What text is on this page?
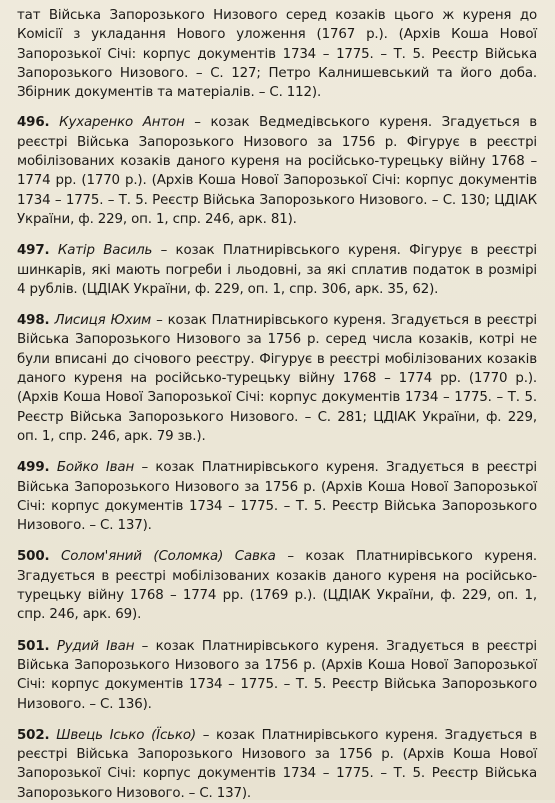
тат Війська Запорозького Низового серед козаків цього ж куреня до Комісії з укладання Нового уложення (1767 р.). (Архів Коша Нової Запорозької Січі: корпус документів 1734 – 1775. – Т. 5. Реєстр Війська Запорозького Низового. – С. 127; Петро Калнишевський та його доба. Збірник документів та матеріалів. – С. 112).

496. Кухаренко Антон – козак Ведмедівського куреня. Згадується в реєстрі Війська Запорозького Низового за 1756 р. Фігурує в реєстрі мобілізованих козаків даного куреня на російсько-турецьку війну 1768 – 1774 рр. (1770 р.). (Архів Коша Нової Запорозької Січі: корпус документів 1734 – 1775. – Т. 5. Реєстр Війська Запорозького Низового. – С. 130; ЦДІАК України, ф. 229, оп. 1, спр. 246, арк. 81).

497. Катір Василь – козак Платнирівського куреня. Фігурує в реєстрі шинкарів, які мають погреби і льодовні, за які сплатив податок в розмірі 4 рублів. (ЦДІАК України, ф. 229, оп. 1, спр. 306, арк. 35, 62).

498. Лисиця Юхим – козак Платнирівського куреня. Згадується в реєстрі Війська Запорозького Низового за 1756 р. серед числа козаків, котрі не були вписані до січового реєстру. Фігурує в реєстрі мобілізованих козаків даного куреня на російсько-турецьку війну 1768 – 1774 рр. (1770 р.). (Архів Коша Нової Запорозької Січі: корпус документів 1734 – 1775. – Т. 5. Реєстр Війська Запорозького Низового. – С. 281; ЦДІАК України, ф. 229, оп. 1, спр. 246, арк. 79 зв.).

499. Бойко Іван – козак Платнирівського куреня. Згадується в реєстрі Війська Запорозького Низового за 1756 р. (Архів Коша Нової Запорозької Січі: корпус документів 1734 – 1775. – Т. 5. Реєстр Війська Запорозького Низового. – С. 137).

500. Солом'яний (Соломка) Савка – козак Платнирівського куреня. Згадується в реєстрі мобілізованих козаків даного куреня на російсько-турецьку війну 1768 – 1774 рр. (1769 р.). (ЦДІАК України, ф. 229, оп. 1, спр. 246, арк. 69).

501. Рудий Іван – козак Платнирівського куреня. Згадується в реєстрі Війська Запорозького Низового за 1756 р. (Архів Коша Нової Запорозької Січі: корпус документів 1734 – 1775. – Т. 5. Реєстр Війська Запорозького Низового. – С. 136).

502. Швець Ісько (Їсько) – козак Платнирівського куреня. Згадується в реєстрі Війська Запорозького Низового за 1756 р. (Архів Коша Нової Запорозької Січі: корпус документів 1734 – 1775. – Т. 5. Реєстр Війська Запорозького Низового. – С. 137).
